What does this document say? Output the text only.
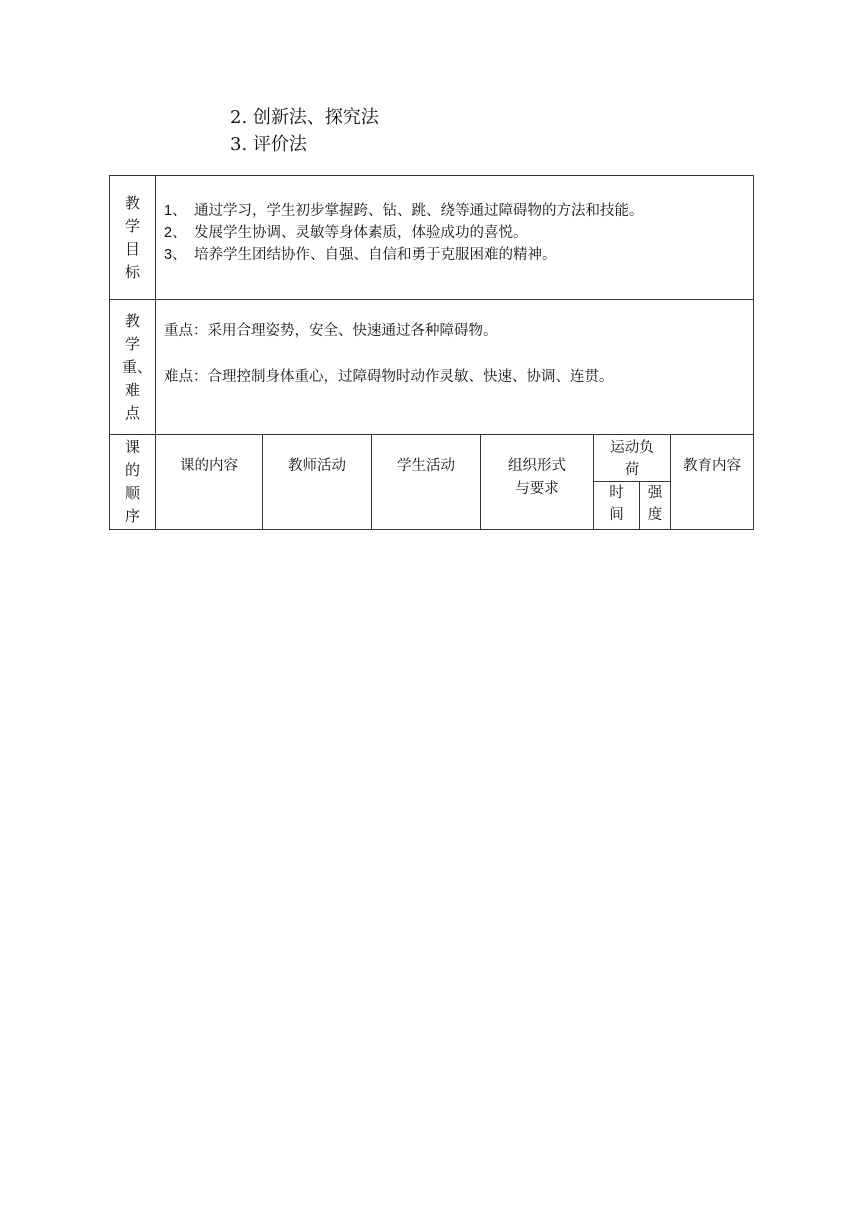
2. 创新法、探究法
3. 评价法
教学目标	1、 通过学习，学生初步掌握跨、钻、跳、绕等通过障碍物的方法和技能。
2、 发展学生协调、灵敏等身体素质，体验成功的喜悦。
3、 培养学生团结协作、自强、自信和勇于克服困难的精神。						

教学重、难点	重点：采用合理姿势，安全、快速通过各种障碍物。
难点：合理控制身体重心，过障碍物时动作灵敏、快速、协调、连贯。						

课的顺序	课的内容	教师活动	学生活动	组织形式与要求	运动负荷		教育内容
					时间	强度	
